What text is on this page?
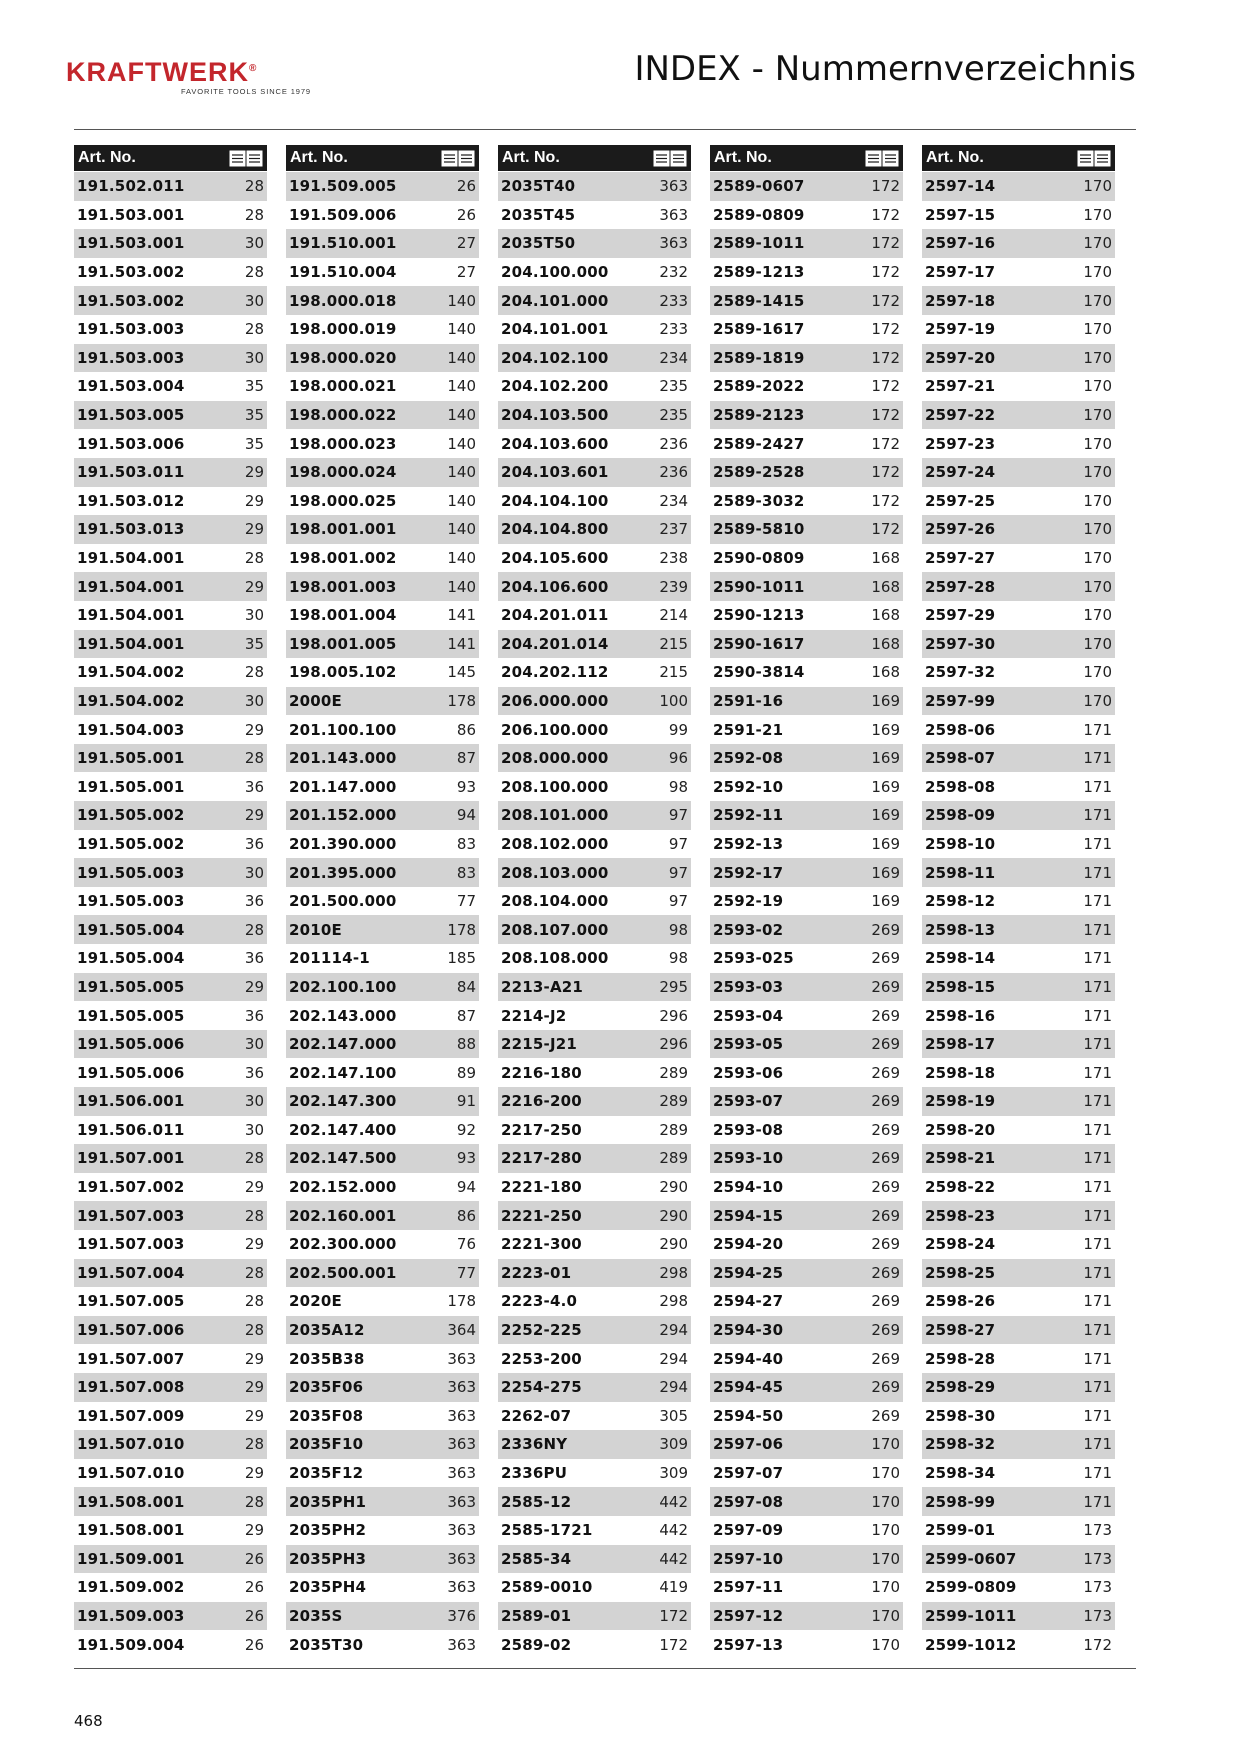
KRAFTWERK®
FAVORITE TOOLS SINCE 1979
INDEX - Nummernverzeichnis
Art. No.
191.502.011	28
191.503.001	28
191.503.001	30
191.503.002	28
191.503.002	30
191.503.003	28
191.503.003	30
191.503.004	35
191.503.005	35
191.503.006	35
191.503.011	29
191.503.012	29
191.503.013	29
191.504.001	28
191.504.001	29
191.504.001	30
191.504.001	35
191.504.002	28
191.504.002	30
191.504.003	29
191.505.001	28
191.505.001	36
191.505.002	29
191.505.002	36
191.505.003	30
191.505.003	36
191.505.004	28
191.505.004	36
191.505.005	29
191.505.005	36
191.505.006	30
191.505.006	36
191.506.001	30
191.506.011	30
191.507.001	28
191.507.002	29
191.507.003	28
191.507.003	29
191.507.004	28
191.507.005	28
191.507.006	28
191.507.007	29
191.507.008	29
191.507.009	29
191.507.010	28
191.507.010	29
191.508.001	28
191.508.001	29
191.509.001	26
191.509.002	26
191.509.003	26
191.509.004	26
Art. No.
191.509.005	26
191.509.006	26
191.510.001	27
191.510.004	27
198.000.018	140
198.000.019	140
198.000.020	140
198.000.021	140
198.000.022	140
198.000.023	140
198.000.024	140
198.000.025	140
198.001.001	140
198.001.002	140
198.001.003	140
198.001.004	141
198.001.005	141
198.005.102	145
2000E	178
201.100.100	86
201.143.000	87
201.147.000	93
201.152.000	94
201.390.000	83
201.395.000	83
201.500.000	77
2010E	178
201114-1	185
202.100.100	84
202.143.000	87
202.147.000	88
202.147.100	89
202.147.300	91
202.147.400	92
202.147.500	93
202.152.000	94
202.160.001	86
202.300.000	76
202.500.001	77
2020E	178
2035A12	364
2035B38	363
2035F06	363
2035F08	363
2035F10	363
2035F12	363
2035PH1	363
2035PH2	363
2035PH3	363
2035PH4	363
2035S	376
2035T30	363
Art. No.
2035T40	363
2035T45	363
2035T50	363
204.100.000	232
204.101.000	233
204.101.001	233
204.102.100	234
204.102.200	235
204.103.500	235
204.103.600	236
204.103.601	236
204.104.100	234
204.104.800	237
204.105.600	238
204.106.600	239
204.201.011	214
204.201.014	215
204.202.112	215
206.000.000	100
206.100.000	99
208.000.000	96
208.100.000	98
208.101.000	97
208.102.000	97
208.103.000	97
208.104.000	97
208.107.000	98
208.108.000	98
2213-A21	295
2214-J2	296
2215-J21	296
2216-180	289
2216-200	289
2217-250	289
2217-280	289
2221-180	290
2221-250	290
2221-300	290
2223-01	298
2223-4.0	298
2252-225	294
2253-200	294
2254-275	294
2262-07	305
2336NY	309
2336PU	309
2585-12	442
2585-1721	442
2585-34	442
2589-0010	419
2589-01	172
2589-02	172
Art. No.
2589-0607	172
2589-0809	172
2589-1011	172
2589-1213	172
2589-1415	172
2589-1617	172
2589-1819	172
2589-2022	172
2589-2123	172
2589-2427	172
2589-2528	172
2589-3032	172
2589-5810	172
2590-0809	168
2590-1011	168
2590-1213	168
2590-1617	168
2590-3814	168
2591-16	169
2591-21	169
2592-08	169
2592-10	169
2592-11	169
2592-13	169
2592-17	169
2592-19	169
2593-02	269
2593-025	269
2593-03	269
2593-04	269
2593-05	269
2593-06	269
2593-07	269
2593-08	269
2593-10	269
2594-10	269
2594-15	269
2594-20	269
2594-25	269
2594-27	269
2594-30	269
2594-40	269
2594-45	269
2594-50	269
2597-06	170
2597-07	170
2597-08	170
2597-09	170
2597-10	170
2597-11	170
2597-12	170
2597-13	170
Art. No.
2597-14	170
2597-15	170
2597-16	170
2597-17	170
2597-18	170
2597-19	170
2597-20	170
2597-21	170
2597-22	170
2597-23	170
2597-24	170
2597-25	170
2597-26	170
2597-27	170
2597-28	170
2597-29	170
2597-30	170
2597-32	170
2597-99	170
2598-06	171
2598-07	171
2598-08	171
2598-09	171
2598-10	171
2598-11	171
2598-12	171
2598-13	171
2598-14	171
2598-15	171
2598-16	171
2598-17	171
2598-18	171
2598-19	171
2598-20	171
2598-21	171
2598-22	171
2598-23	171
2598-24	171
2598-25	171
2598-26	171
2598-27	171
2598-28	171
2598-29	171
2598-30	171
2598-32	171
2598-34	171
2598-99	171
2599-01	173
2599-0607	173
2599-0809	173
2599-1011	173
2599-1012	172
468
